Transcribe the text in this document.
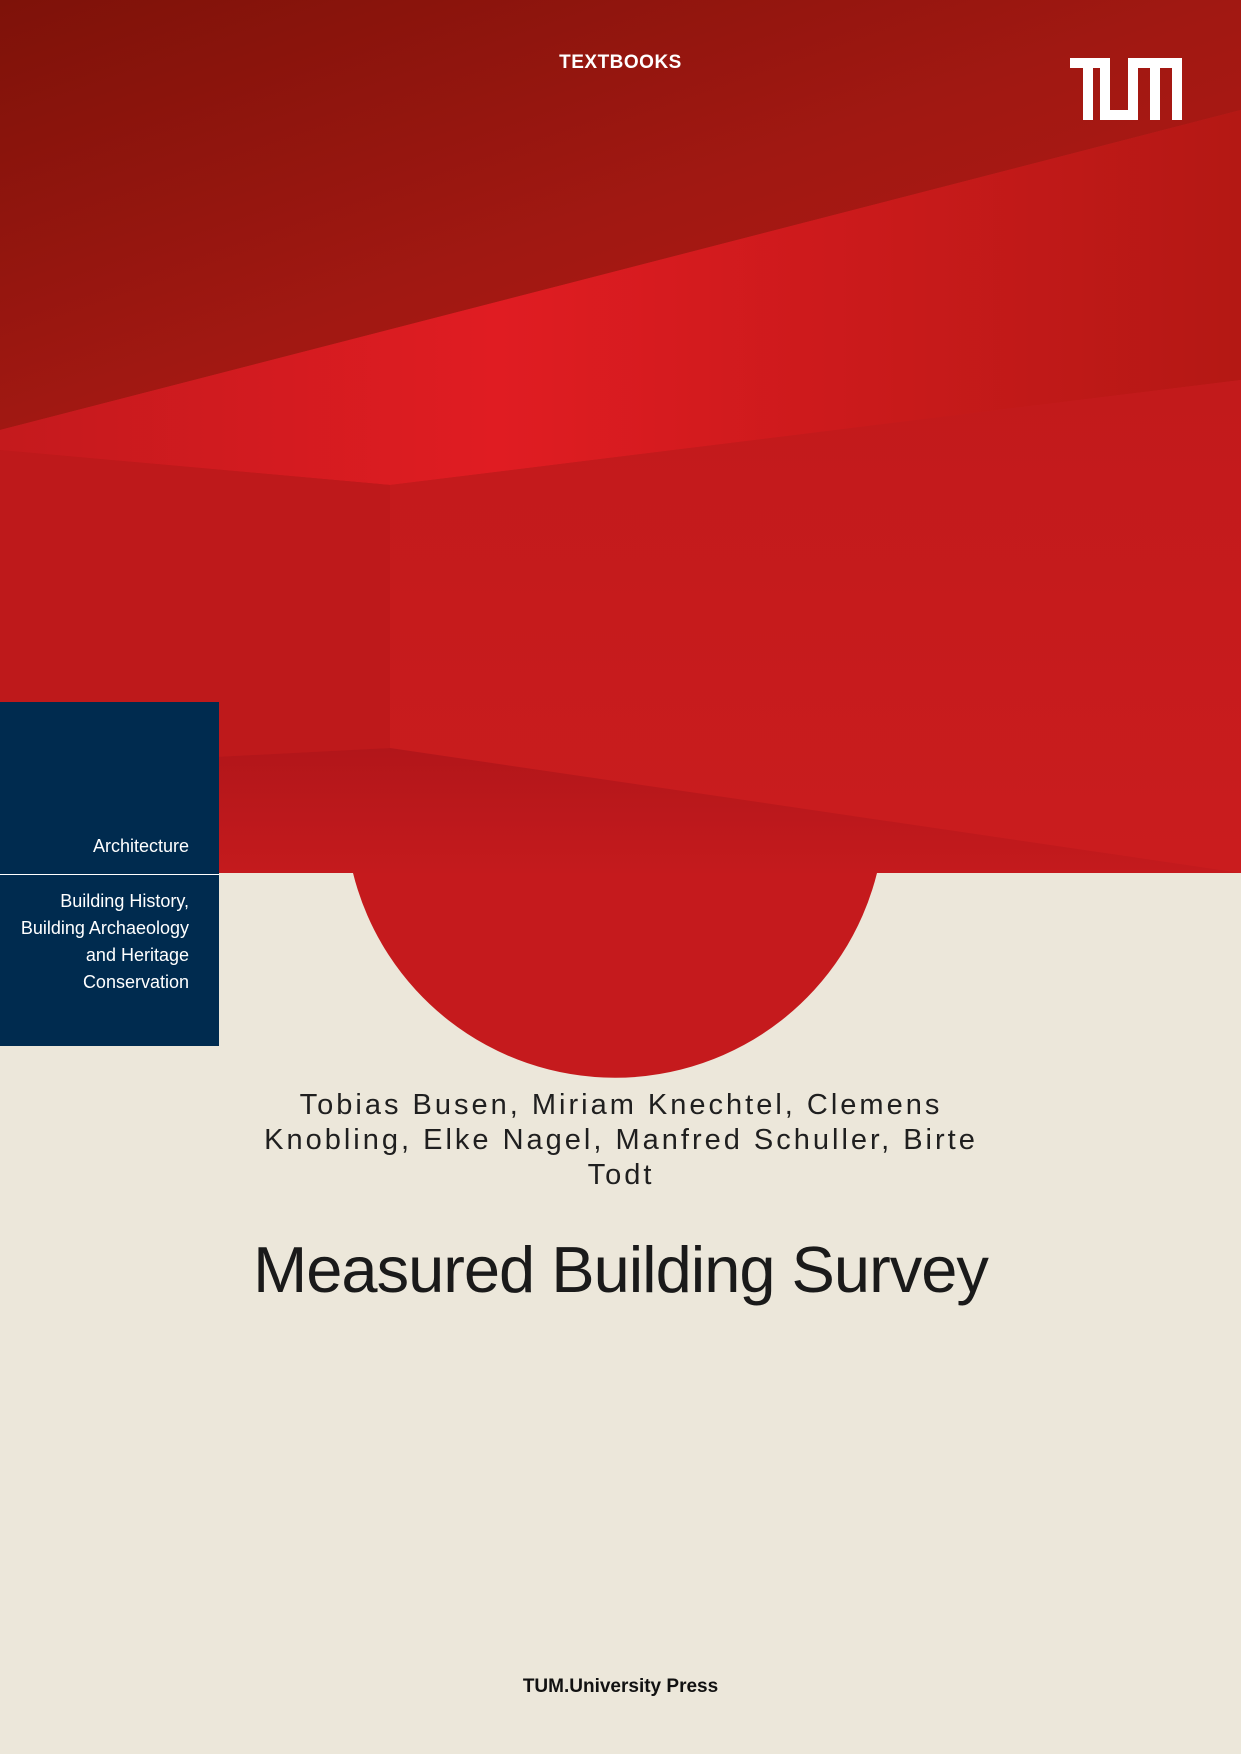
TEXTBOOKS
Architecture
Building History, Building Archaeology and Heritage Conservation
Tobias Busen, Miriam Knechtel, Clemens Knobling, Elke Nagel, Manfred Schuller, Birte Todt
Measured Building Survey
TUM.University Press
